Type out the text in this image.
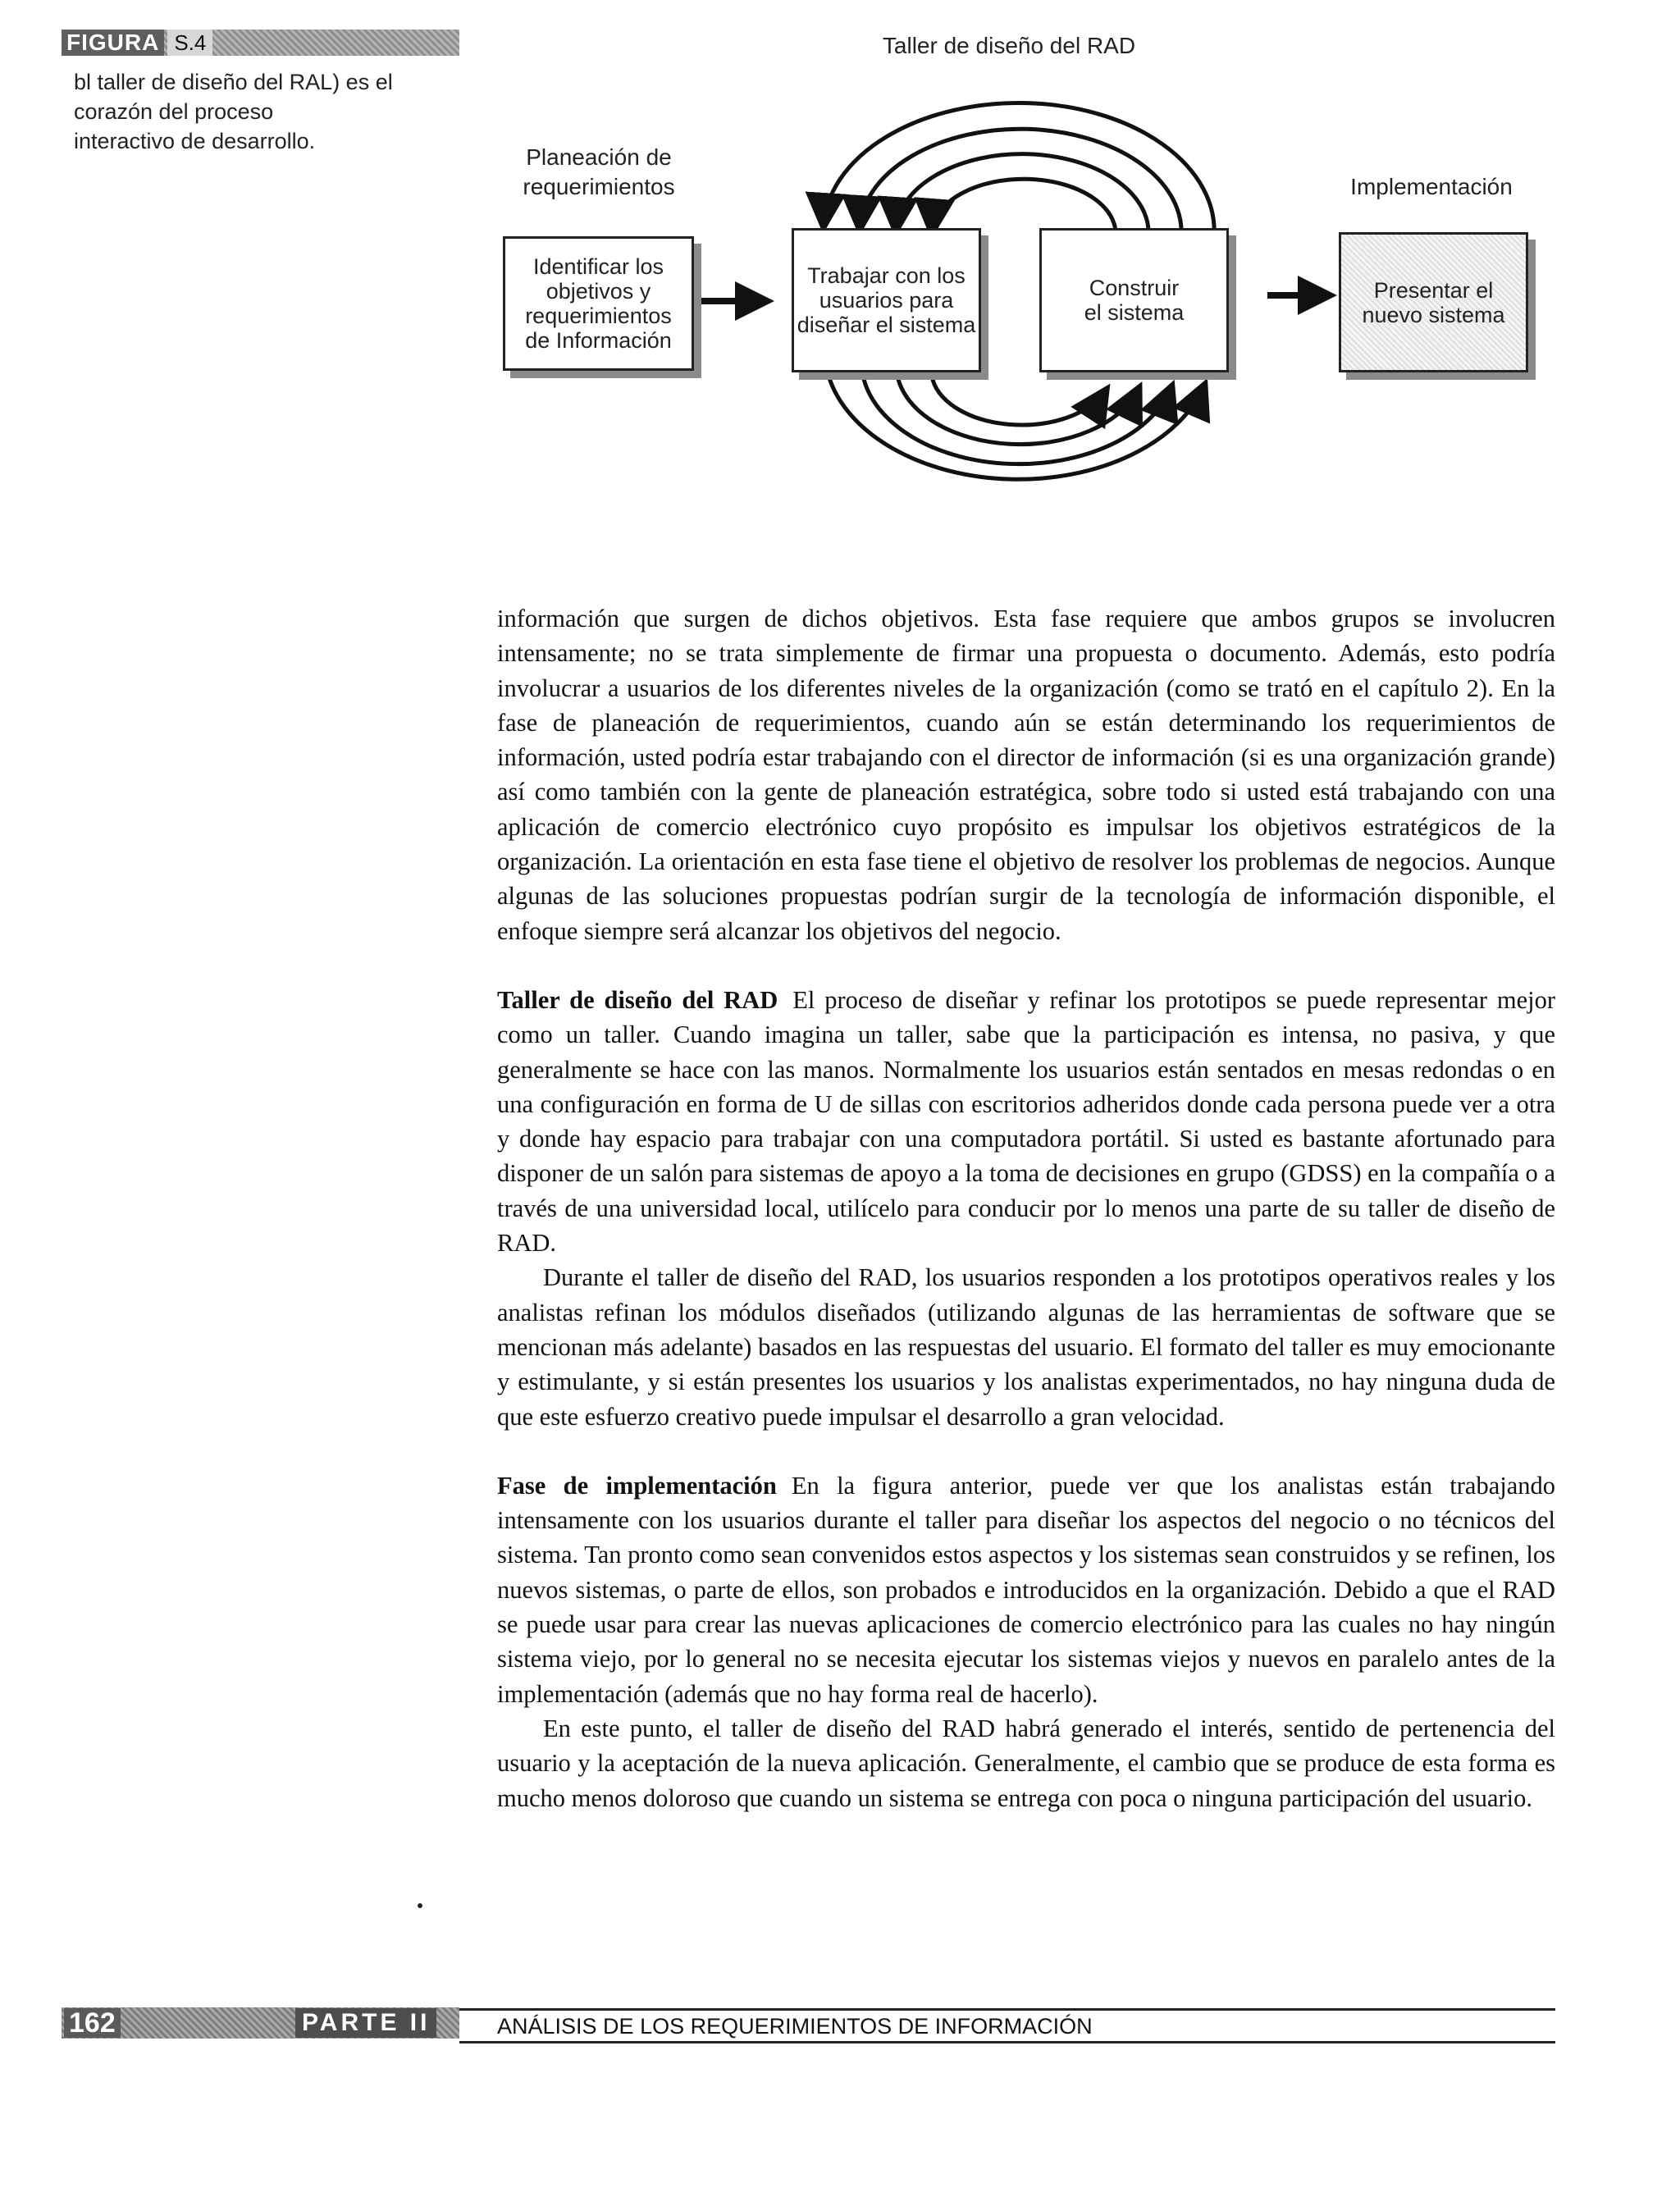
FIGURA S.4
bl taller de diseño del RAL) es el
corazón del proceso
interactivo de desarrollo.
Taller de diseño del RAD
Planeación de
requerimientos	Implementación
Identificar los
objetivos y
requerimientos
de Información
Trabajar con los
usuarios para
diseñar el sistema
Construir
el sistema
Presentar el
nuevo sistema

información que surgen de dichos objetivos. Esta fase requiere que ambos grupos se involucren intensamente; no se trata simplemente de firmar una propuesta o documento. Además, esto podría involucrar a usuarios de los diferentes niveles de la organización (como se trató en el capítulo 2). En la fase de planeación de requerimientos, cuando aún se están determinando los requerimientos de información, usted podría estar trabajando con el director de información (si es una organización grande) así como también con la gente de planeación estratégica, sobre todo si usted está trabajando con una aplicación de comercio electrónico cuyo propósito es impulsar los objetivos estratégicos de la organización. La orientación en esta fase tiene el objetivo de resolver los problemas de negocios. Aunque algunas de las soluciones propuestas podrían surgir de la tecnología de información disponible, el enfoque siempre será alcanzar los objetivos del negocio.

Taller de diseño del RAD El proceso de diseñar y refinar los prototipos se puede representar mejor como un taller. Cuando imagina un taller, sabe que la participación es intensa, no pasiva, y que generalmente se hace con las manos. Normalmente los usuarios están sentados en mesas redondas o en una configuración en forma de U de sillas con escritorios adheridos donde cada persona puede ver a otra y donde hay espacio para trabajar con una computadora portátil. Si usted es bastante afortunado para disponer de un salón para sistemas de apoyo a la toma de decisiones en grupo (GDSS) en la compañía o a través de una universidad local, utilícelo para conducir por lo menos una parte de su taller de diseño de RAD.

Durante el taller de diseño del RAD, los usuarios responden a los prototipos operativos reales y los analistas refinan los módulos diseñados (utilizando algunas de las herramientas de software que se mencionan más adelante) basados en las respuestas del usuario. El formato del taller es muy emocionante y estimulante, y si están presentes los usuarios y los analistas experimentados, no hay ninguna duda de que este esfuerzo creativo puede impulsar el desarrollo a gran velocidad.

Fase de implementación En la figura anterior, puede ver que los analistas están trabajando intensamente con los usuarios durante el taller para diseñar los aspectos del negocio o no técnicos del sistema. Tan pronto como sean convenidos estos aspectos y los sistemas sean construidos y se refinen, los nuevos sistemas, o parte de ellos, son probados e introducidos en la organización. Debido a que el RAD se puede usar para crear las nuevas aplicaciones de comercio electrónico para las cuales no hay ningún sistema viejo, por lo general no se necesita ejecutar los sistemas viejos y nuevos en paralelo antes de la implementación (además que no hay forma real de hacerlo).

En este punto, el taller de diseño del RAD habrá generado el interés, sentido de pertenencia del usuario y la aceptación de la nueva aplicación. Generalmente, el cambio que se produce de esta forma es mucho menos doloroso que cuando un sistema se entrega con poca o ninguna participación del usuario.

162	PARTE II	ANÁLISIS DE LOS REQUERIMIENTOS DE INFORMACIÓN
